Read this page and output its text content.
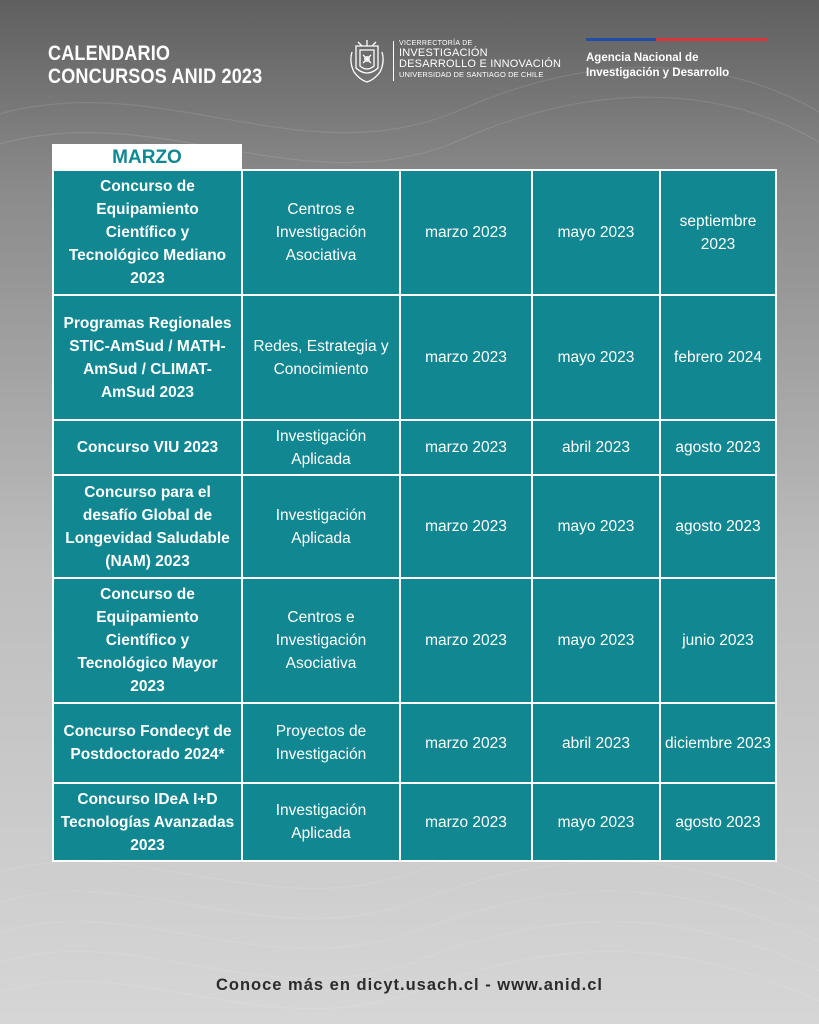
CALENDARIO
CONCURSOS ANID 2023
VICERRECTORÍA DE
INVESTIGACIÓN
DESARROLLO E INNOVACIÓN
UNIVERSIDAD DE SANTIAGO DE CHILE
Agencia Nacional de
Investigación y Desarrollo
MARZO
Concurso de Equipamiento Científico y Tecnológico Mediano 2023	Centros e Investigación Asociativa	marzo 2023	mayo 2023	septiembre 2023
Programas Regionales STIC-AmSud / MATH-AmSud / CLIMAT-AmSud 2023	Redes, Estrategia y Conocimiento	marzo 2023	mayo 2023	febrero 2024
Concurso VIU 2023	Investigación Aplicada	marzo 2023	abril 2023	agosto 2023
Concurso para el desafío Global de Longevidad Saludable (NAM) 2023	Investigación Aplicada	marzo 2023	mayo 2023	agosto 2023
Concurso de Equipamiento Científico y Tecnológico Mayor 2023	Centros e Investigación Asociativa	marzo 2023	mayo 2023	junio 2023
Concurso Fondecyt de Postdoctorado 2024*	Proyectos de Investigación	marzo 2023	abril 2023	diciembre 2023
Concurso IDeA I+D Tecnologías Avanzadas 2023	Investigación Aplicada	marzo 2023	mayo 2023	agosto 2023
Conoce más en dicyt.usach.cl - www.anid.cl
